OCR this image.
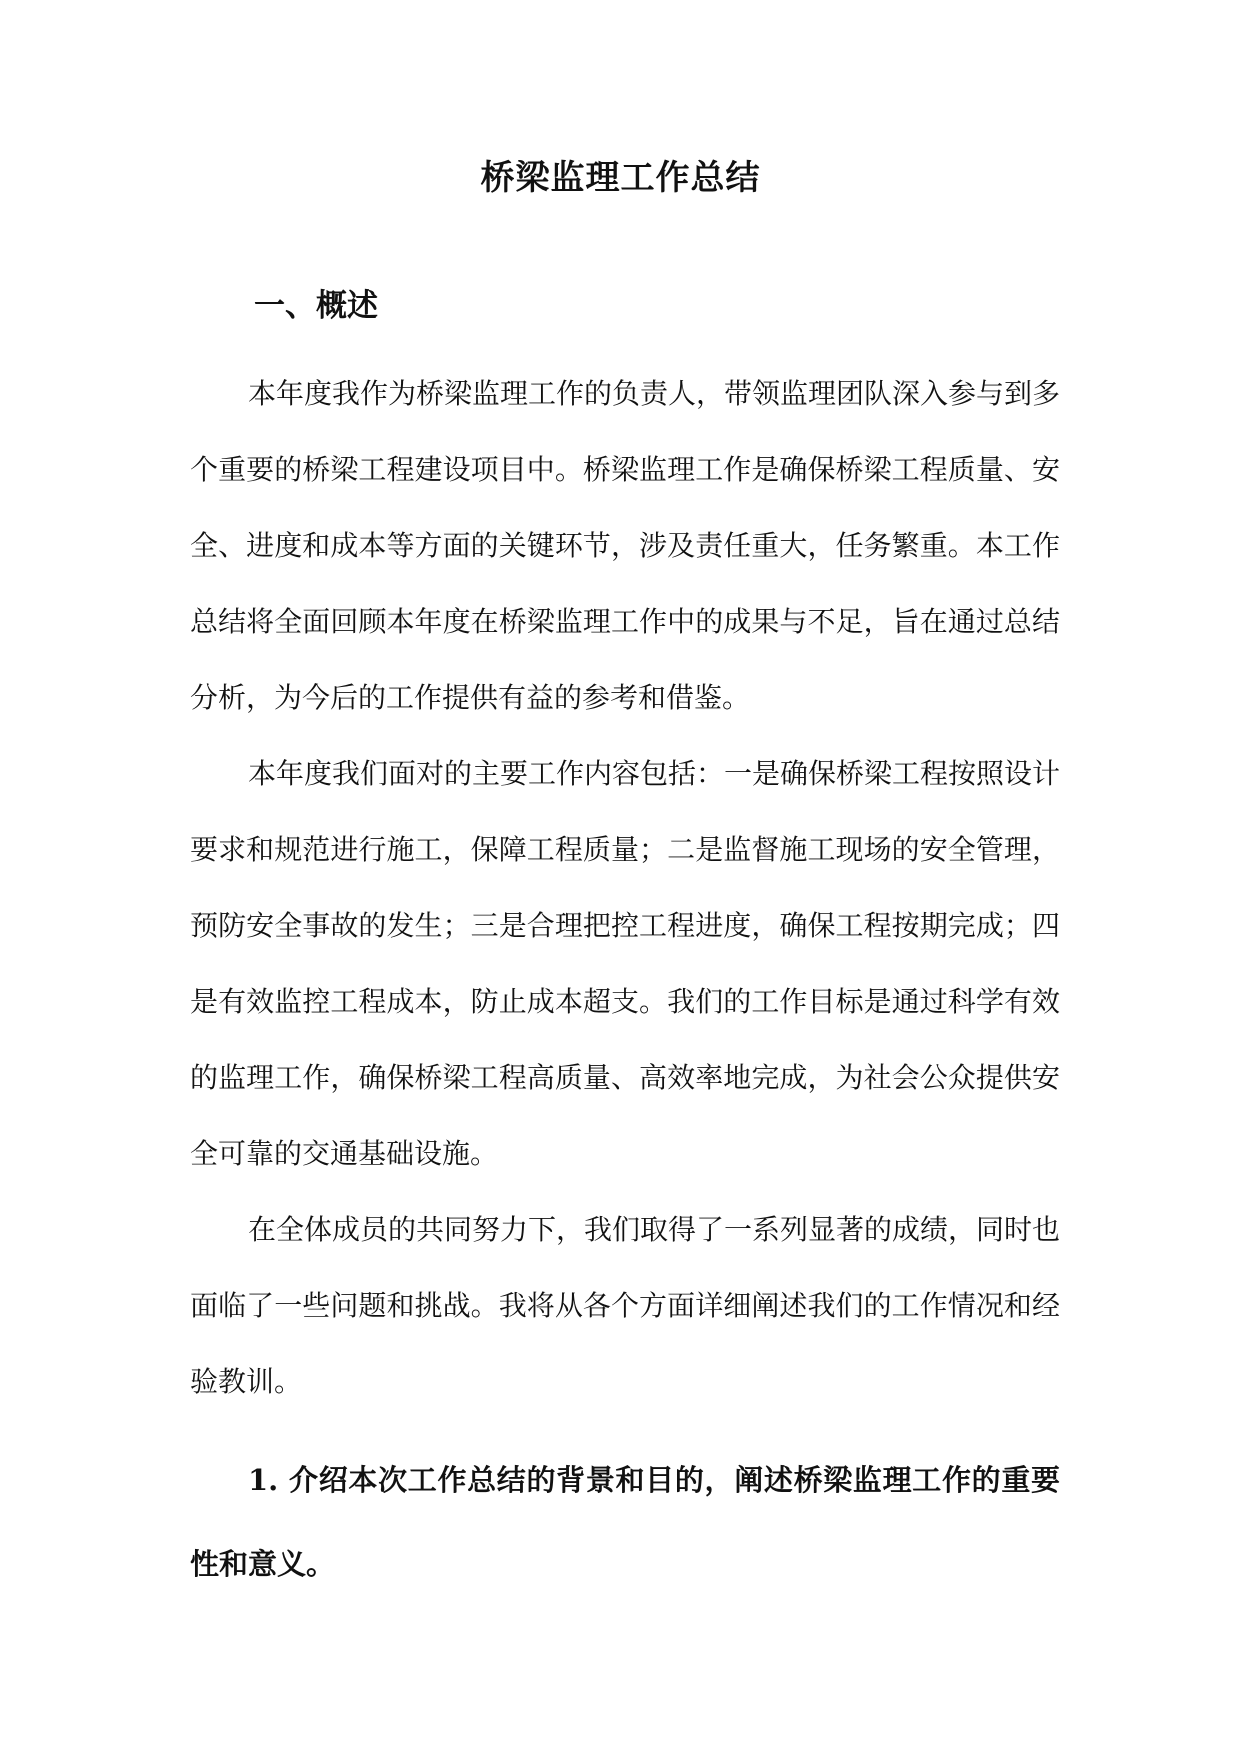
桥梁监理工作总结
一、概述

本年度我作为桥梁监理工作的负责人，带领监理团队深入参与到多个重要的桥梁工程建设项目中。桥梁监理工作是确保桥梁工程质量、安全、进度和成本等方面的关键环节，涉及责任重大，任务繁重。本工作总结将全面回顾本年度在桥梁监理工作中的成果与不足，旨在通过总结分析，为今后的工作提供有益的参考和借鉴。

本年度我们面对的主要工作内容包括：一是确保桥梁工程按照设计要求和规范进行施工，保障工程质量；二是监督施工现场的安全管理，预防安全事故的发生；三是合理把控工程进度，确保工程按期完成；四是有效监控工程成本，防止成本超支。我们的工作目标是通过科学有效的监理工作，确保桥梁工程高质量、高效率地完成，为社会公众提供安全可靠的交通基础设施。

在全体成员的共同努力下，我们取得了一系列显著的成绩，同时也面临了一些问题和挑战。我将从各个方面详细阐述我们的工作情况和经验教训。

1. 介绍本次工作总结的背景和目的，阐述桥梁监理工作的重要性和意义。
